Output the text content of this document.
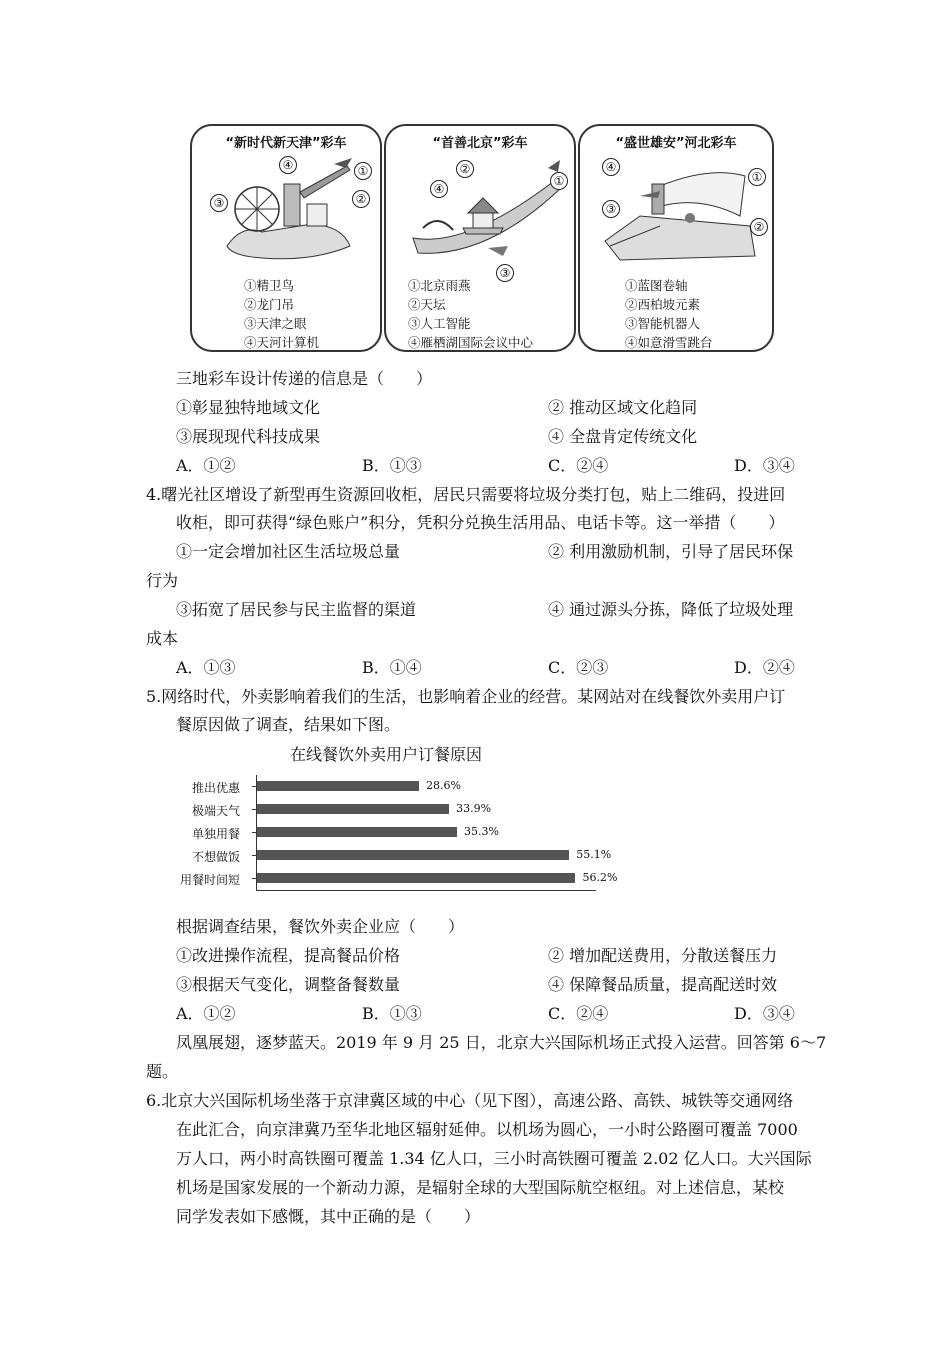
“新时代新天津”彩车
④	①
②
③
①精卫鸟
②龙门吊
③天津之眼
④天河计算机
“首善北京”彩车
②
①
④
③
①北京雨燕
②天坛
③人工智能
④雁栖湖国际会议中心
“盛世雄安”河北彩车
④
①
③
②
①蓝图卷轴
②西柏坡元素
③智能机器人
④如意滑雪跳台
三地彩车设计传递的信息是（　　）
①彰显独特地域文化	② 推动区域文化趋同
③展现现代科技成果	④ 全盘肯定传统文化
A．①②	B．①③	C．②④	D．③④
4.曙光社区增设了新型再生资源回收柜，居民只需要将垃圾分类打包，贴上二维码，投进回
收柜，即可获得“绿色账户”积分，凭积分兑换生活用品、电话卡等。这一举措（　　）
①一定会增加社区生活垃圾总量	② 利用激励机制，引导了居民环保
行为
③拓宽了居民参与民主监督的渠道	④ 通过源头分拣，降低了垃圾处理
成本
A．①③	B．①④	C．②③	D．②④
5.网络时代，外卖影响着我们的生活，也影响着企业的经营。某网站对在线餐饮外卖用户订
餐原因做了调查，结果如下图。
在线餐饮外卖用户订餐原因
推出优惠	28.6%
极端天气	33.9%
单独用餐	35.3%
不想做饭	55.1%
用餐时间短	56.2%
根据调查结果，餐饮外卖企业应（　　）
①改进操作流程，提高餐品价格	② 增加配送费用，分散送餐压力
③根据天气变化，调整备餐数量	④ 保障餐品质量，提高配送时效
A．①②	B．①③	C．②④	D．③④
凤凰展翅，逐梦蓝天。2019 年 9 月 25 日，北京大兴国际机场正式投入运营。回答第 6～7
题。
6.北京大兴国际机场坐落于京津冀区域的中心（见下图），高速公路、高铁、城铁等交通网络
在此汇合，向京津冀乃至华北地区辐射延伸。以机场为圆心，一小时公路圈可覆盖 7000
万人口，两小时高铁圈可覆盖 1.34 亿人口，三小时高铁圈可覆盖 2.02 亿人口。大兴国际
机场是国家发展的一个新动力源，是辐射全球的大型国际航空枢纽。对上述信息，某校
同学发表如下感慨，其中正确的是（　　）
